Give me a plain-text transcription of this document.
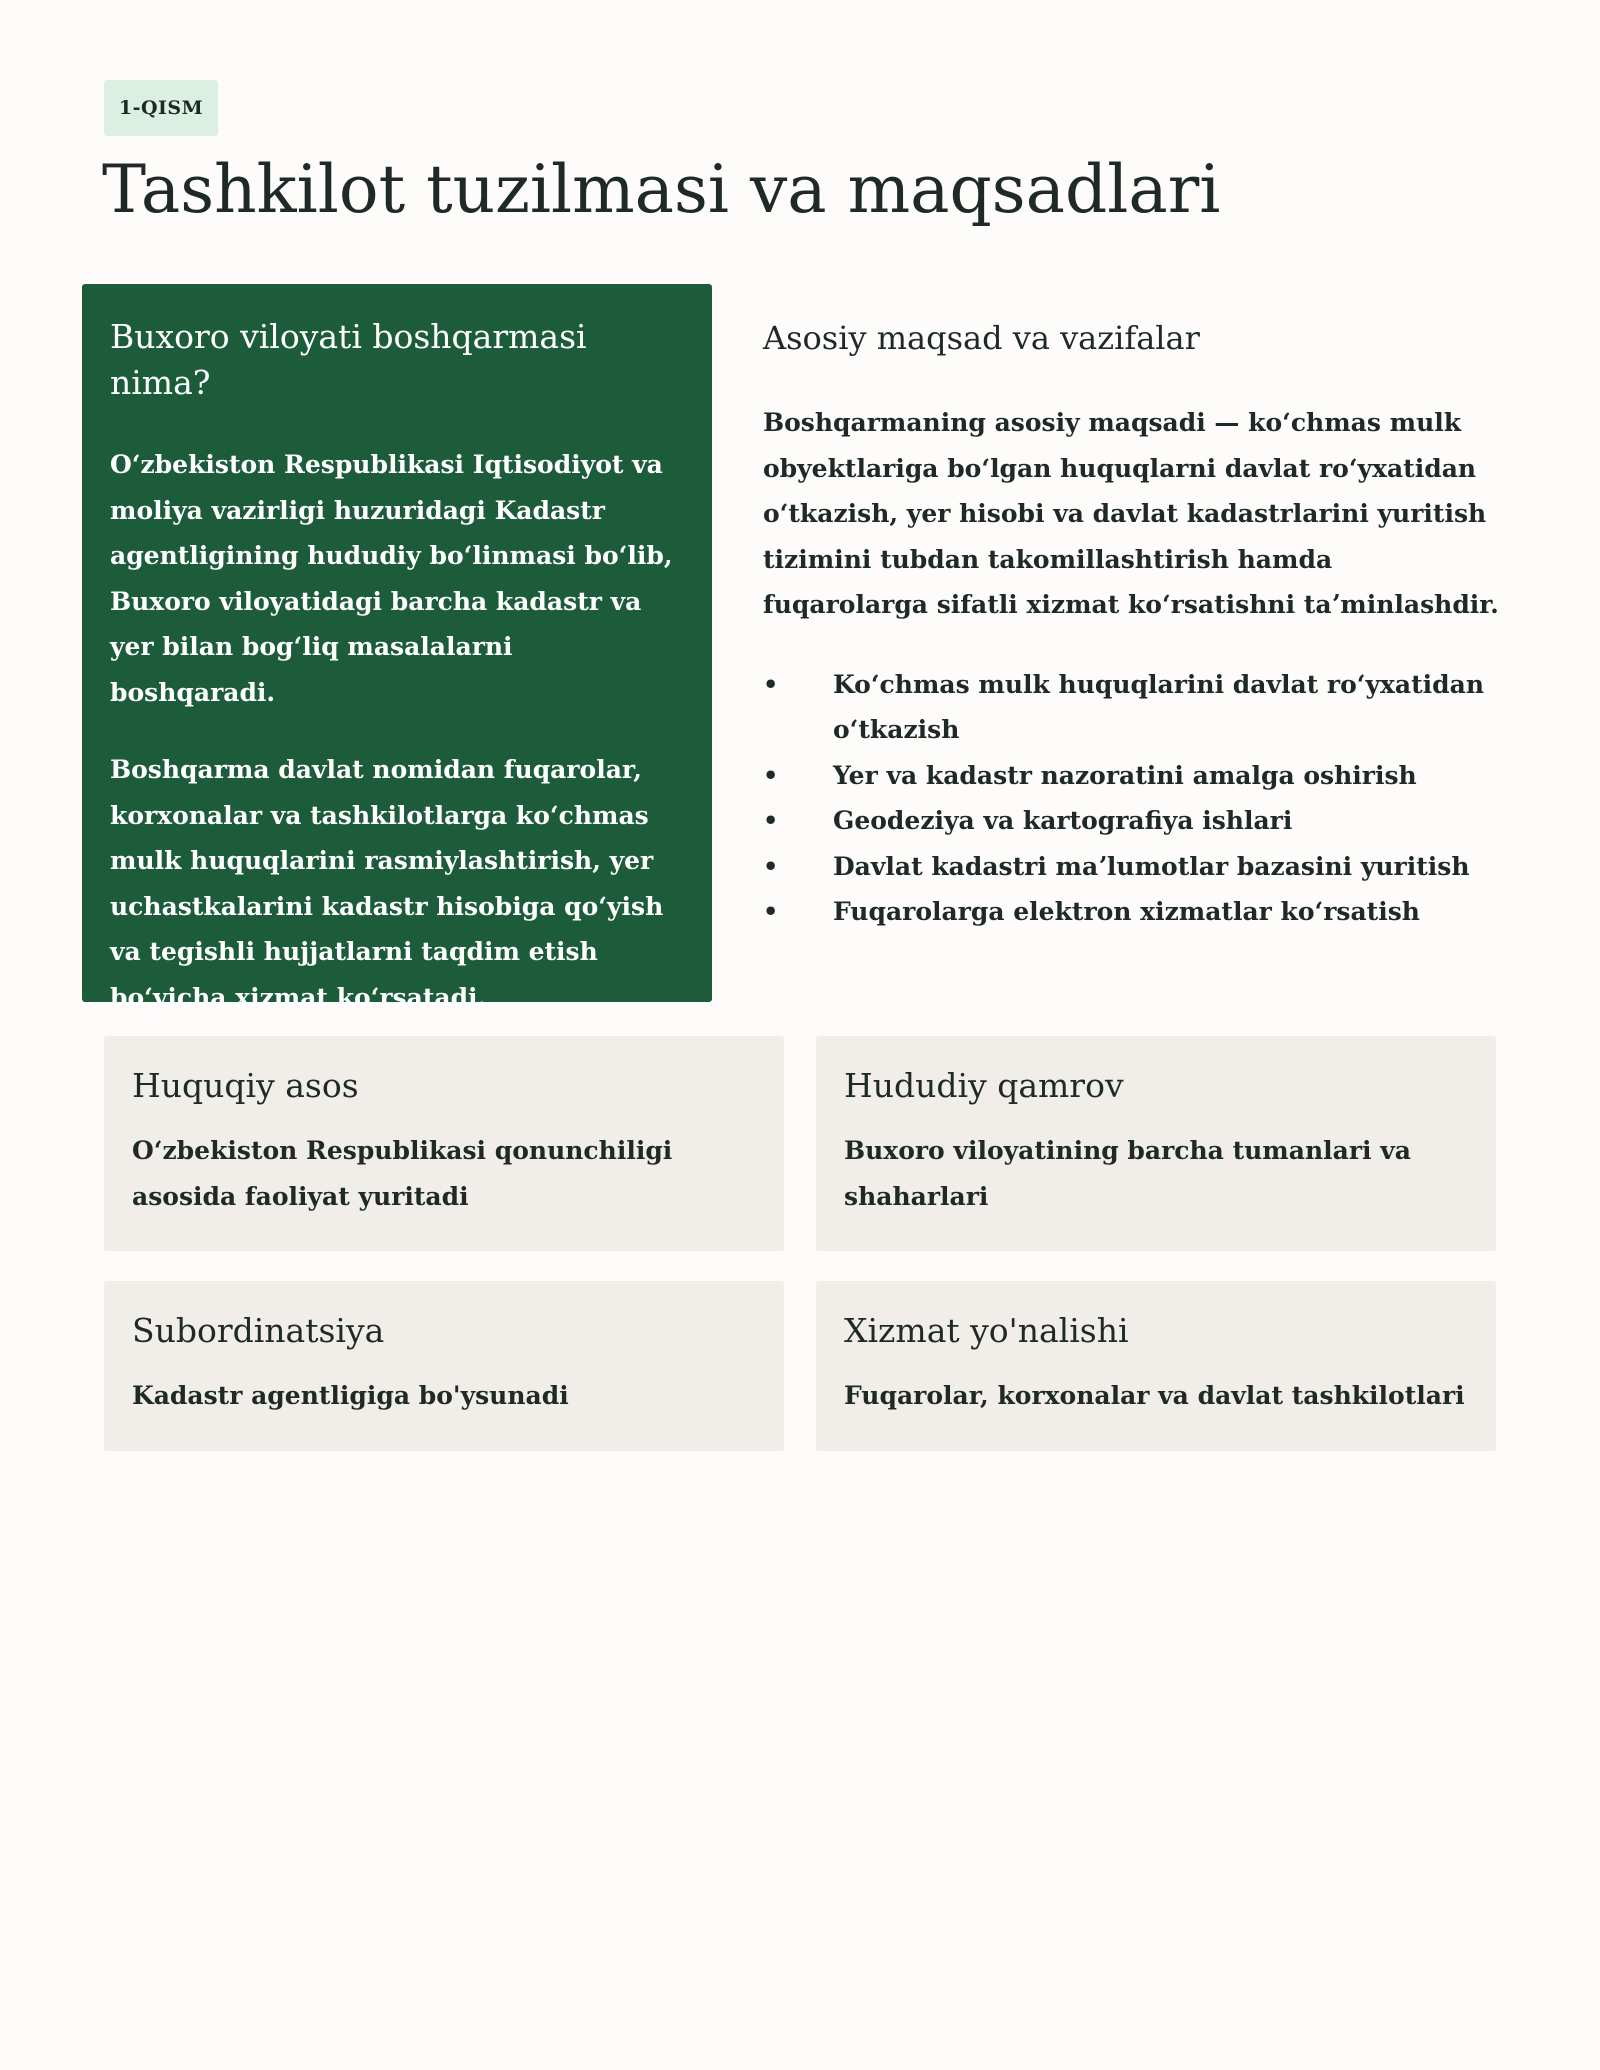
1-QISM
Tashkilot tuzilmasi va maqsadlari
Buxoro viloyati boshqarmasi nima?

Oʻzbekiston Respublikasi Iqtisodiyot va moliya vazirligi huzuridagi Kadastr agentligining hududiy boʻlinmasi boʻlib, Buxoro viloyatidagi barcha kadastr va yer bilan bogʻliq masalalarni boshqaradi.

Boshqarma davlat nomidan fuqarolar, korxonalar va tashkilotlarga koʻchmas mulk huquqlarini rasmiylashtirish, yer uchastkalarini kadastr hisobiga qoʻyish va tegishli hujjatlarni taqdim etish boʻyicha xizmat koʻrsatadi.

Asosiy maqsad va vazifalar

Boshqarmaning asosiy maqsadi — koʻchmas mulk obyektlariga boʻlgan huquqlarni davlat roʻyxatidan oʻtkazish, yer hisobi va davlat kadastrlarini yuritish tizimini tubdan takomillashtirish hamda fuqarolarga sifatli xizmat koʻrsatishni taʼminlashdir.

• Koʻchmas mulk huquqlarini davlat roʻyxatidan oʻtkazish
• Yer va kadastr nazoratini amalga oshirish
• Geodeziya va kartografiya ishlari
• Davlat kadastri maʼlumotlar bazasini yuritish
• Fuqarolarga elektron xizmatlar koʻrsatish
Huquqiy asos

Oʻzbekiston Respublikasi qonunchiligi asosida faoliyat yuritadi

Hududiy qamrov

Buxoro viloyatining barcha tumanlari va shaharlari

Subordinatsiya

Kadastr agentligiga bo'ysunadi

Xizmat yo'nalishi

Fuqarolar, korxonalar va davlat tashkilotlari
